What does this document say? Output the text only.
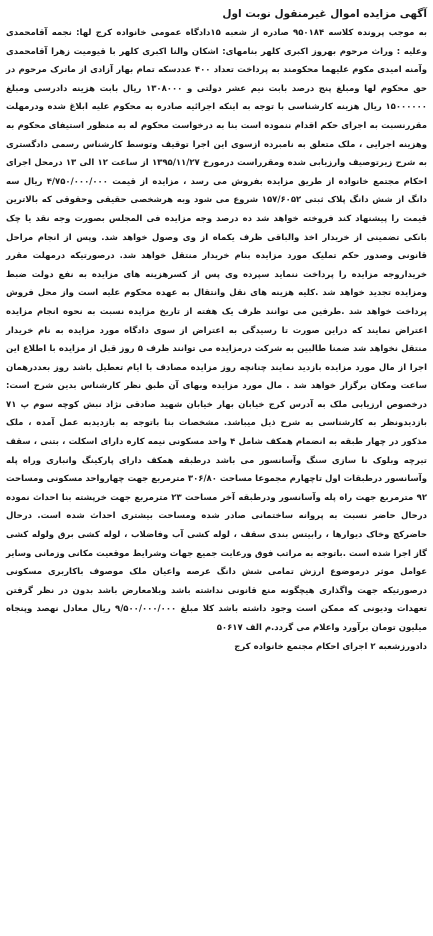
آگهی مزایده اموال غیرمنقول نوبت اول

به موجب پرونده کلاسه ۹۵۰۱۸۴ صادره از شعبه ۱۵دادگاه عمومی خانواده کرج لها: نجمه آقامحمدی وعلیه : وراث مرحوم بهروز اکبری کلهر بنامهای: اشکان والنا اکبری کلهر با قیومیت زهرا آقامحمدی وآمنه امیدی مکوم علیهما محکومند به پرداخت تعداد ۴۰۰ عددسکه تمام بهار آزادی از ماترک مرحوم در حق محکوم لها ومبلغ پنج درصد بابت نیم عشر دولتی و ۱۳۰۸۰۰۰ ریال بابت هزینه دادرسی ومبلغ ۱۵۰۰۰۰۰۰ ریال هزینه کارشناسی با توجه به اینکه اجرائیه صادره به محکوم علیه ابلاغ شده ودرمهلت مقررنسبت به اجرای حکم اقدام ننموده است بنا به درخواست محکوم له به منظور استیفای محکوم به وهزینه اجرایی ، ملک متعلق به نامبرده ازسوی این اجرا توقیف وتوسط کارشناس رسمی دادگستری به شرح زیرتوصیف وارزیابی شده ومقرراست درمورخ ۱۳۹۵/۱۱/۲۷ از ساعت ۱۲ الی ۱۳ درمحل اجرای احکام مجتمع خانواده از طریق مزایده بفروش می رسد ، مزایده از قیمت ۴/۷۵۰/۰۰۰/۰۰۰ ریال سه دانگ از شش دانگ پلاک ثبتی ۱۵۷/۶۰۵۲ شروع می شود وبه هرشخصی حقیقی وحقوقی که بالاترین قیمت را پیشنهاد کند فروخته خواهد شد ده درصد وجه مزایده فی المجلس بصورت وجه نقد یا چک بانکی تضمینی از خریدار اخذ والباقی ظرف یکماه از وی وصول خواهد شد. وپس از انجام مراحل قانونی وصدور حکم تملیک مورد مزایده بنام خریدار منتقل خواهد شد. درصورتیکه درمهلت مقرر خریداروجه مزایده را پرداخت ننماید سپرده وی پس از کسرهزینه های مزایده به نفع دولت ضبط ومزایده تجدید خواهد شد .کلیه هزینه های نقل وانتقال به عهده محکوم علیه است واز محل فروش پرداخت خواهد شد .طرفین می توانند ظرف یک هفته از تاریخ مزایده نسبت به نحوه انجام مزایده اعتراض نمایند که دراین صورت تا رسیدگی به اعتراض از سوی دادگاه مورد مزایده به نام خریدار منتقل نخواهد شد ضمنا طالبین به شرکت درمزایده می توانند ظرف ۵ روز قبل از مزایده با اطلاع این اجرا از مال مورد مزایده بازدید نمایند چنانچه روز مزایده مصادف با ایام تعطیل باشد روز بعددرهمان ساعت ومکان برگزار خواهد شد . مال مورد مزایده وبهای آن طبق نظر کارشناس بدین شرح است: درخصوص ارزیابی ملک به آدرس کرج خیابان بهار خیابان شهید صادقی نژاد نبش کوچه سوم پ ۷۱ بازدیدونظر به کارشناسی به شرح ذیل میباشد. مشخصات بنا باتوجه به بازدیدبه عمل آمده ، ملک مذکور در چهار طبقه به انضمام همکف شامل ۴ واحد مسکونی نیمه کاره دارای اسکلت ، بتنی ، سقف تیرچه وبلوک نا سازی سنگ وآسانسور می باشد درطبقه همکف دارای پارکینگ وانباری وراه پله وآسانسور درطبقات اول تاچهارم مجموعا مساحت ۳۰۶/۸۰ مترمربع جهت چهارواحد مسکونی ومساحت ۹۲ مترمربع جهت راه پله وآسانسور ودرطبقه آخر مساحت ۲۳ مترمربع جهت خرپشته بنا احداث نموده درحال حاضر نسبت به پروانه ساختمانی صادر شده ومساحت بیشتری احداث شده است. درحال حاضرکچ وخاک دیوارها ، رابیتس بندی سقف ، لوله کشی آب وفاضلاب ، لوله کشی برق ولوله کشی گاز اجرا شده است .باتوجه به مراتب فوق ورعایت جمیع جهات وشرایط موقعیت مکانی وزمانی وسایر عوامل موثر درموضوع ارزش تمامی شش دانگ عرصه واعیان ملک موصوف باکاربری مسکونی درصورتیکه جهت واگذاری هیچگونه منع قانونی نداشته باشد وبلامعارض باشد بدون در نظر گرفتن تعهدات ودیونی که ممکن است وجود داشته باشد کلا مبلغ ۹/۵۰۰/۰۰۰/۰۰۰ ریال معادل نهصد وپنجاه میلیون تومان برآورد واعلام می گردد.م الف ۵۰۶۱۷

دادورزشعبه ۲ اجرای احکام مجتمع خانواده کرج
